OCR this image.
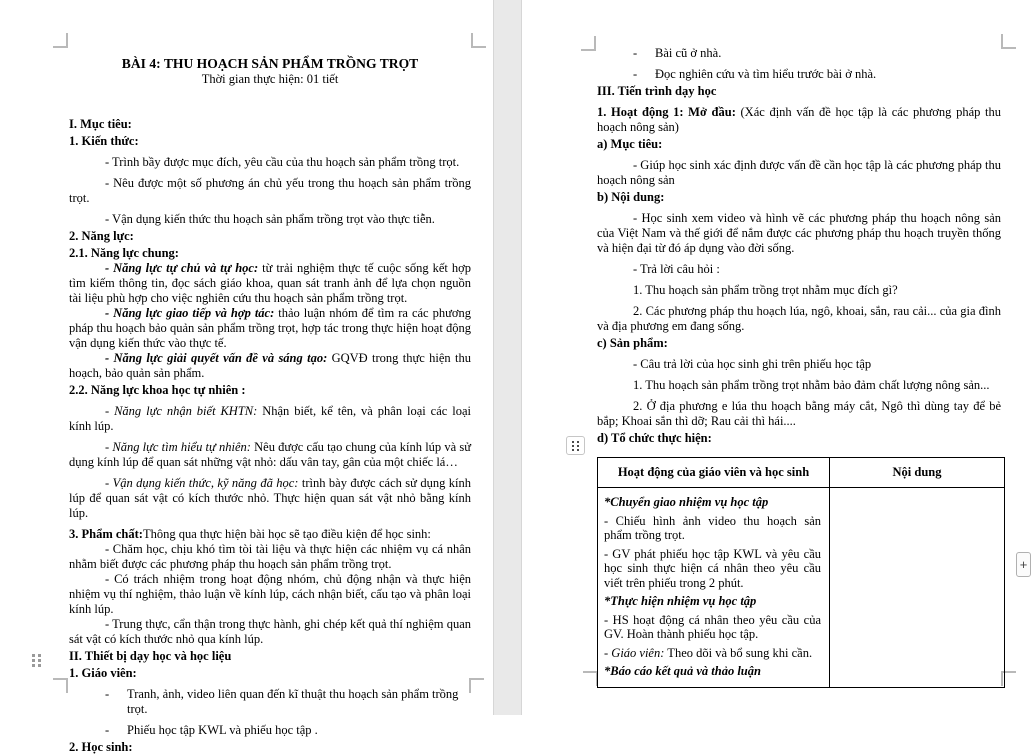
BÀI 4: THU HOẠCH SẢN PHẨM TRỒNG TRỌT
Thời gian thực hiện: 01 tiết
I. Mục tiêu:
1. Kiến thức:
- Trình bầy được mục đích, yêu cầu của thu hoạch sản phẩm trồng trọt.
- Nêu được một số phương án chủ yếu trong thu hoạch sản phẩm trồng trọt.
- Vận dụng kiến thức thu hoạch sản phẩm trồng trọt vào thực tiễn.
2. Năng lực:
2.1. Năng lực chung:
- Năng lực tự chủ và tự học: từ trải nghiệm thực tế cuộc sống kết hợp tìm kiếm thông tin, đọc sách giáo khoa, quan sát tranh ảnh để lựa chọn nguồn tài liệu phù hợp cho việc nghiên cứu thu hoạch sản phẩm trồng trọt.
- Năng lực giao tiếp và hợp tác: thảo luận nhóm để tìm ra các phương pháp thu hoạch bảo quản sản phẩm trồng trọt, hợp tác trong thực hiện hoạt động vận dụng kiến thức vào thực tế.
- Năng lực giải quyết vấn đề và sáng tạo: GQVĐ trong thực hiện thu hoạch, bảo quản sản phẩm.
2.2. Năng lực khoa học tự nhiên :
- Năng lực nhận biết KHTN: Nhận biết, kể tên, và phân loại các loại kính lúp.
- Năng lực tìm hiểu tự nhiên: Nêu được cấu tạo chung của kính lúp và sử dụng kính lúp để quan sát những vật nhỏ: dấu vân tay, gân của một chiếc lá…
- Vận dụng kiến thức, kỹ năng đã học: trình bày được cách sử dụng kính lúp để quan sát vật có kích thước nhỏ. Thực hiện quan sát vật nhỏ bằng kính lúp.
3. Phẩm chất:Thông qua thực hiện bài học sẽ tạo điều kiện để học sinh:
- Chăm học, chịu khó tìm tòi tài liệu và thực hiện các nhiệm vụ cá nhân nhằm biết được các phương pháp thu hoạch sản phẩm trồng trọt.
- Có trách nhiệm trong hoạt động nhóm, chủ động nhận và thực hiện nhiệm vụ thí nghiệm, thảo luận về kính lúp, cách nhận biết, cấu tạo và phân loại kính lúp.
- Trung thực, cẩn thận trong thực hành, ghi chép kết quả thí nghiệm quan sát vật có kích thước nhỏ qua kính lúp.
II. Thiết bị dạy học và học liệu
1. Giáo viên:
- Tranh, ảnh, video liên quan đến kĩ thuật thu hoạch sản phẩm trồng trọt.
- Phiếu học tập KWL và phiếu học tập .
2. Học sinh:
- Bài cũ ở nhà.
- Đọc nghiên cứu và tìm hiểu trước bài ở nhà.
III. Tiến trình dạy học
1. Hoạt động 1: Mở đầu: (Xác định vấn đề học tập là các phương pháp thu hoạch nông sản)
a) Mục tiêu:
- Giúp học sinh xác định được vấn đề cần học tập là các phương pháp thu hoạch nông sản
b) Nội dung:
- Học sinh xem video và hình vẽ các phương pháp thu hoạch nông sản của Việt Nam và thế giới để nắm được các phương pháp thu hoạch truyền thống và hiện đại từ đó áp dụng vào đời sống.
- Trả lời câu hỏi :
1. Thu hoạch sản phẩm trồng trọt nhằm mục đích gì?
2. Các phương pháp thu hoạch lúa, ngô, khoai, sắn, rau cải... của gia đình và địa phương em đang sống.
c) Sản phẩm:
- Câu trả lời của học sinh ghi trên phiếu học tập
1. Thu hoạch sản phẩm trồng trọt nhằm bảo đảm chất lượng nông sản...
2. Ở địa phương e lúa thu hoạch bằng máy cắt, Ngô thì dùng tay để bẻ bắp; Khoai sắn thì dỡ; Rau cải thì hái....
d) Tổ chức thực hiện:
Hoạt động của giáo viên và học sinh	Nội dung

*Chuyển giao nhiệm vụ học tập
- Chiếu hình ảnh video thu hoạch sản phẩm trồng trọt.
- GV phát phiếu học tập KWL và yêu cầu học sinh thực hiện cá nhân theo yêu cầu viết trên phiếu trong 2 phút.
*Thực hiện nhiệm vụ học tập
- HS hoạt động cá nhân theo yêu cầu của GV. Hoàn thành phiếu học tập.
- Giáo viên: Theo dõi và bổ sung khi cần.
*Báo cáo kết quả và thảo luận

+
